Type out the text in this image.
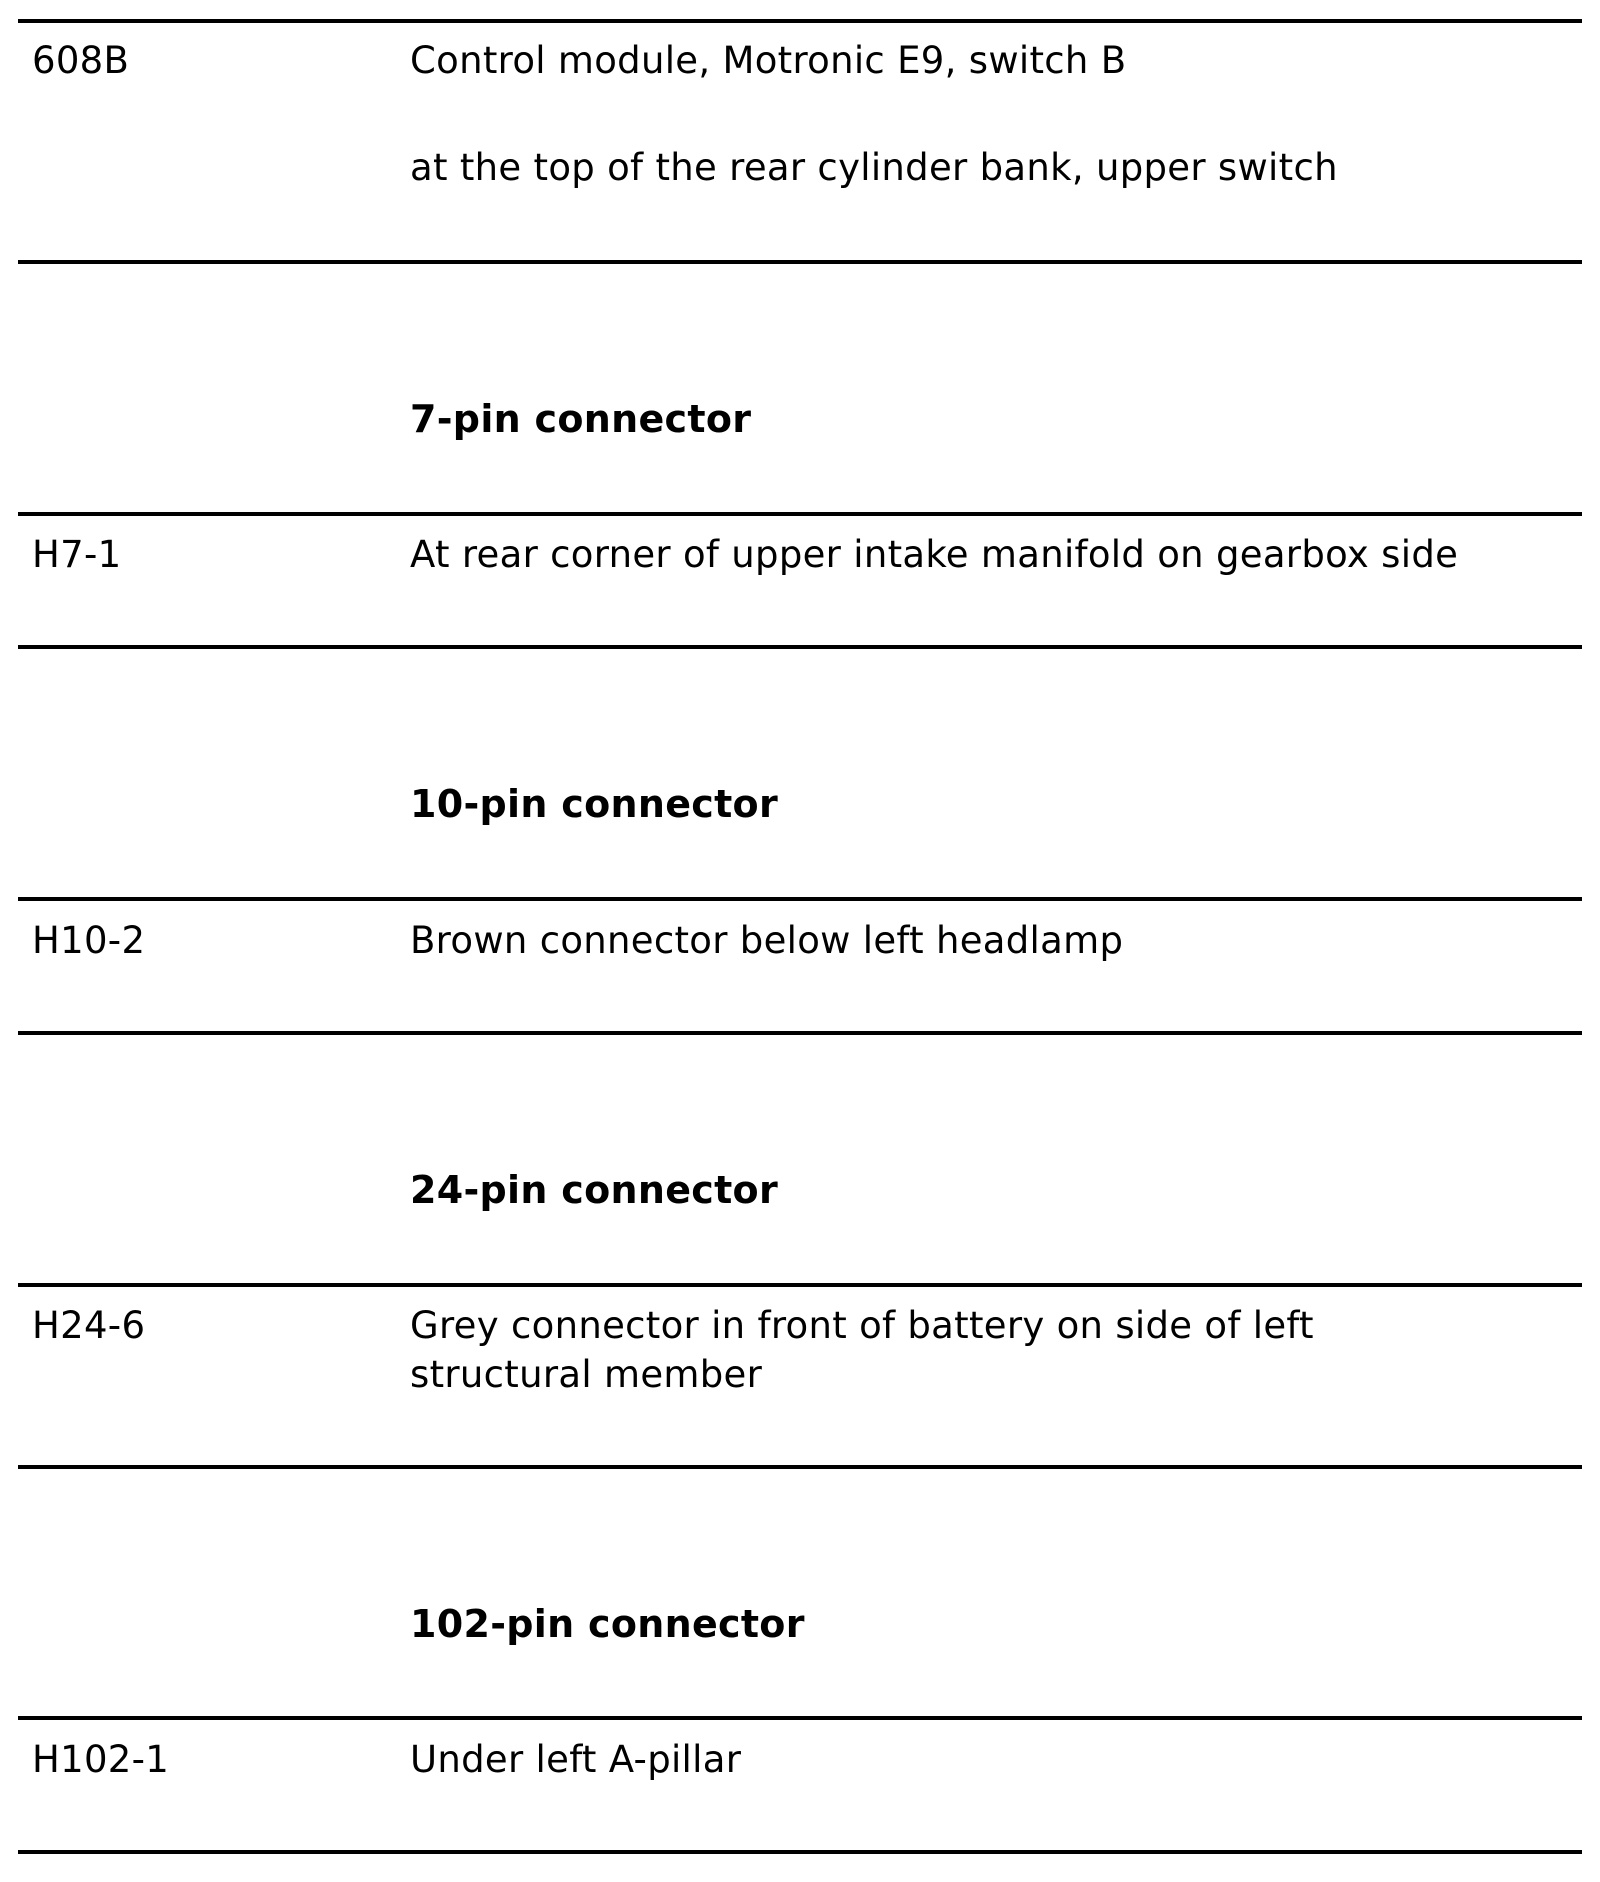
608B	Control module, Motronic E9, switch B
at the top of the rear cylinder bank, upper switch
7-pin connector
H7-1	At rear corner of upper intake manifold on gearbox side
10-pin connector
H10-2	Brown connector below left headlamp
24-pin connector
H24-6	Grey connector in front of battery on side of left
structural member
102-pin connector
H102-1	Under left A-pillar
